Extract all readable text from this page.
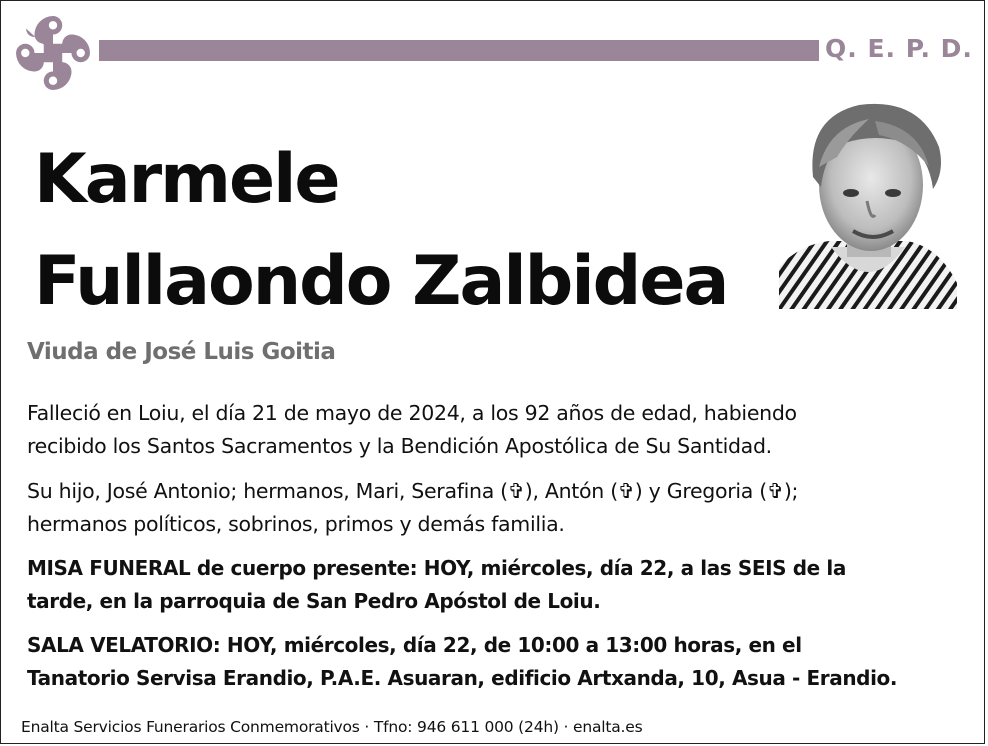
Q. E. P. D.
Karmele
Fullaondo Zalbidea
Viuda de José Luis Goitia
Falleció en Loiu, el día 21 de mayo de 2024, a los 92 años de edad, habiendo
recibido los Santos Sacramentos y la Bendición Apostólica de Su Santidad.
Su hijo, José Antonio; hermanos, Mari, Serafina (✞), Antón (✞) y Gregoria (✞);
hermanos políticos, sobrinos, primos y demás familia.
MISA FUNERAL de cuerpo presente: HOY, miércoles, día 22, a las SEIS de la
tarde, en la parroquia de San Pedro Apóstol de Loiu.
SALA VELATORIO: HOY, miércoles, día 22, de 10:00 a 13:00 horas, en el
Tanatorio Servisa Erandio, P.A.E. Asuaran, edificio Artxanda, 10, Asua - Erandio.
Enalta Servicios Funerarios Conmemorativos · Tfno: 946 611 000 (24h) · enalta.es
